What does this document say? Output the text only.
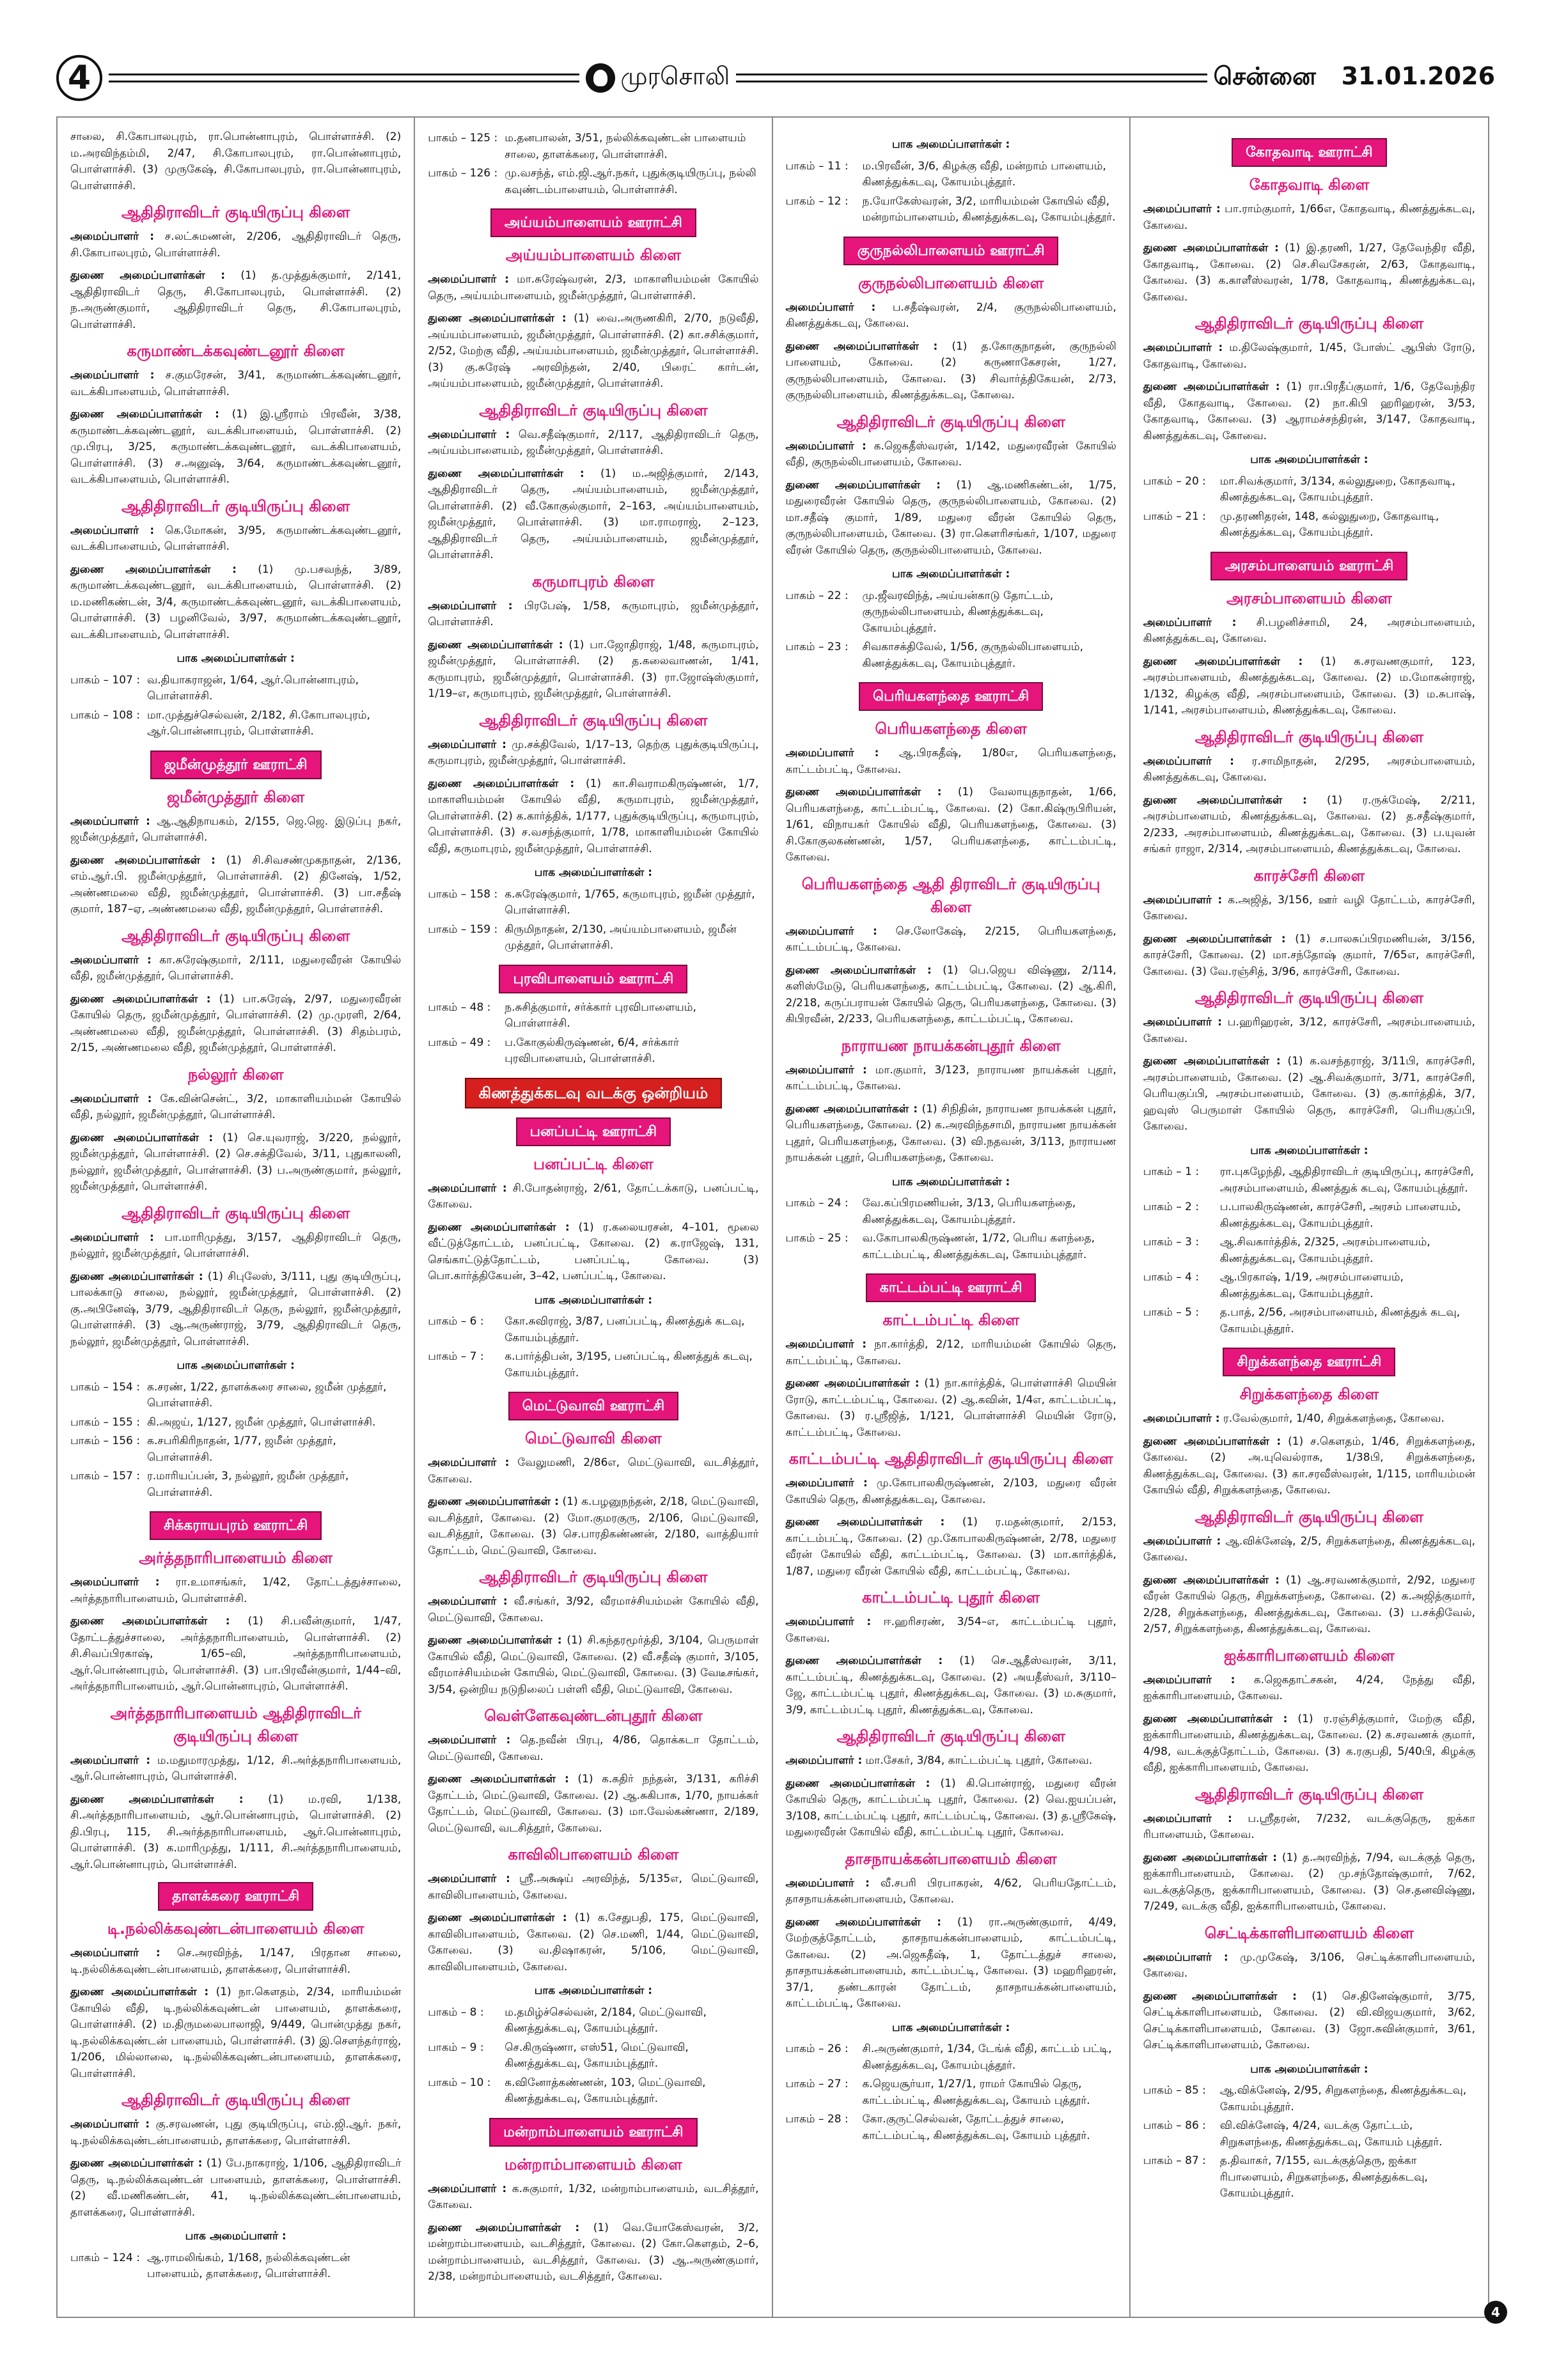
4	முரசொலி	சென்னை 31.01.2026

சாலை, சி.கோபாலபுரம், ரா.பொன்னாபுரம், பொள்ளாச்சி. (2) ம.அரவிந்தம்மி, 2/47, சி.கோபாலபுரம், ரா.பொன்னாபுரம், பொள்ளாச்சி. (3) முருகேஷ், சி.கோபாலபுரம், ரா.பொன்னாபுரம், பொள்ளாச்சி.

ஆதிதிராவிடர் குடியிருப்பு கிளை

அமைப்பாளர் : ச.லட்சுமணன், 2/206, ஆதிதிராவிடர் தெரு, சி.கோபாலபுரம், பொள்ளாச்சி.

துணை அமைப்பாளர்கள் : (1) த.முத்துக்குமார், 2/141, ஆதிதிராவிடர் தெரு, சி.கோபாலபுரம், பொள்ளாச்சி. (2) ந.அருண்குமார், ஆதிதிராவிடர் தெரு, சி.கோபாலபுரம், பொள்ளாச்சி.

கருமாண்டக்கவுண்டனூர் கிளை

அமைப்பாளர் : ச.குமரேசன், 3/41, கருமாண்டக்கவுண்டனூர், வடக்கிபாளையம், பொள்ளாச்சி.

துணை அமைப்பாளர்கள் : (1) இ.ஸ்ரீராம் பிரவீன், 3/38, கருமாண்டக்கவுண்டனூர், வடக்கிபாளையம், பொள்ளாச்சி. (2) மு.பிரபு, 3/25, கருமாண்டக்கவுண்டனூர், வடக்கிபாளையம், பொள்ளாச்சி. (3) ச.அனுஷ், 3/64, கருமாண்டக்கவுண்டனூர், வடக்கிபாளையம், பொள்ளாச்சி.

ஆதிதிராவிடர் குடியிருப்பு கிளை

அமைப்பாளர் : கெ.மோகன், 3/95, கருமாண்டக்கவுண்டனூர், வடக்கிபாளையம், பொள்ளாச்சி.

துணை அமைப்பாளர்கள் : (1) மு.பசவந்த், 3/89, கருமாண்டக்கவுண்டனூர், வடக்கிபாளையம், பொள்ளாச்சி. (2) ம.மணிகண்டன், 3/4, கருமாண்டக்கவுண்டனூர், வடக்கிபாளையம், பொள்ளாச்சி. (3) பழனிவேல், 3/97, கருமாண்டக்கவுண்டனூர், வடக்கிபாளையம், பொள்ளாச்சி.

பாக அமைப்பாளர்கள் :
பாகம் – 107 :	வ.தியாகராஜன், 1/64, ஆர்.பொன்னாபுரம், பொள்ளாச்சி.
பாகம் – 108 :	மா.முத்துச்செல்வன், 2/182, சி.கோபாலபுரம், ஆர்.பொன்னாபுரம், பொள்ளாச்சி.
ஜமீன்முத்தூர் ஊராட்சி
ஜமீன்முத்தூர் கிளை

அமைப்பாளர் : ஆ.ஆதிநாயகம், 2/155, ஜெ.ஜெ. இடுப்பு நகர், ஜமீன்முத்தூர், பொள்ளாச்சி.

துணை அமைப்பாளர்கள் : (1) சி.சிவசண்முகநாதன், 2/136, எம்.ஆர்.பி. ஜமீன்முத்தூர், பொள்ளாச்சி. (2) தினேஷ், 1/52, அண்ணமலை வீதி, ஜமீன்முத்தூர், பொள்ளாச்சி. (3) பா.சதீஷ் குமார், 187–ஏ, அண்ணமலை வீதி, ஜமீன்முத்தூர், பொள்ளாச்சி.

ஆதிதிராவிடர் குடியிருப்பு கிளை

அமைப்பாளர் : கா.சுரேஷ்குமார், 2/111, மதுரைவீரன் கோயில் வீதி, ஜமீன்முத்தூர், பொள்ளாச்சி.

துணை அமைப்பாளர்கள் : (1) பா.சுரேஷ், 2/97, மதுரைவீரன் கோயில் தெரு, ஜமீன்முத்தூர், பொள்ளாச்சி. (2) மு.முரளி, 2/64, அண்ணமலை வீதி, ஜமீன்முத்தூர், பொள்ளாச்சி. (3) சிதம்பரம், 2/15, அண்ணமலை வீதி, ஜமீன்முத்தூர், பொள்ளாச்சி.

நல்லூர் கிளை

அமைப்பாளர் : கே.வின்சென்ட், 3/2, மாகாளியம்மன் கோயில் வீதி, நல்லூர், ஜமீன்முத்தூர், பொள்ளாச்சி.

துணை அமைப்பாளர்கள் : (1) செ.யுவராஜ், 3/220, நல்லூர், ஜமீன்முத்தூர், பொள்ளாச்சி. (2) செ.சக்திவேல், 3/11, புதுகாலனி, நல்லூர், ஜமீன்முத்தூர், பொள்ளாச்சி. (3) ப.அருண்குமார், நல்லூர், ஜமீன்முத்தூர், பொள்ளாச்சி.

ஆதிதிராவிடர் குடியிருப்பு கிளை

அமைப்பாளர் : பா.மாரிமுத்து, 3/157, ஆதிதிராவிடர் தெரு, நல்லூர், ஜமீன்முத்தூர், பொள்ளாச்சி.

துணை அமைப்பாளர்கள் : (1) சிபுலேஸ், 3/111, புது குடியிருப்பு, பாலக்காடு சாலை, நல்லூர், ஜமீன்முத்தூர், பொள்ளாச்சி. (2) கு.அபினேஷ், 3/79, ஆதிதிராவிடர் தெரு, நல்லூர், ஜமீன்முத்தூர், பொள்ளாச்சி. (3) ஆ.அருண்ராஜ், 3/79, ஆதிதிராவிடர் தெரு, நல்லூர், ஜமீன்முத்தூர், பொள்ளாச்சி.

பாக அமைப்பாளர்கள் :
பாகம் – 154 :	க.சரண், 1/22, தாளக்கரை சாலை, ஜமீன் முத்தூர், பொள்ளாச்சி.
பாகம் – 155 :	கி.அஜய், 1/127, ஜமீன் முத்தூர், பொள்ளாச்சி.
பாகம் – 156 :	க.சபரிகிரிநாதன், 1/77, ஜமீன் முத்தூர், பொள்ளாச்சி.
பாகம் – 157 :	ர.மாரியப்பன், 3, நல்லூர், ஜமீன் முத்தூர், பொள்ளாச்சி.
சிக்கராயபுரம் ஊராட்சி
அர்த்தநாரிபாளையம் கிளை

அமைப்பாளர் : ரா.உமாசங்கர், 1/42, தோட்டத்துச்சாலை, அர்த்தநாரிபாளையம், பொள்ளாச்சி.

துணை அமைப்பாளர்கள் : (1) சி.பவீன்குமார், 1/47, தோட்டத்துச்சாலை, அர்த்தநாரிபாளையம், பொள்ளாச்சி. (2) சி.சிவப்பிரகாஷ், 1/65–வி, அர்த்தநாரிபாளையம், ஆர்.பொன்னாபுரம், பொள்ளாச்சி. (3) பா.பிரவீன்குமார், 1/44–வி, அர்த்தநாரிபாளையம், ஆர்.பொன்னாபுரம், பொள்ளாச்சி.

அர்த்தநாரிபாளையம் ஆதிதிராவிடர் குடியிருப்பு கிளை

அமைப்பாளர் : ம.மதுமாரமுத்து, 1/12, சி.அர்த்தநாரிபாளையம், ஆர்.பொன்னாபுரம், பொள்ளாச்சி.

துணை அமைப்பாளர்கள் : (1) ம.ரவி, 1/138, சி.அர்த்தநாரிபாளையம், ஆர்.பொன்னாபுரம், பொள்ளாச்சி. (2) தி.பிரபு, 115, சி.அர்த்தநாரிபாளையம், ஆர்.பொன்னாபுரம், பொள்ளாச்சி. (3) க.மாரிமுத்து, 1/111, சி.அர்த்தநாரிபாளையம், ஆர்.பொன்னாபுரம், பொள்ளாச்சி.

தாளக்கரை ஊராட்சி
டி.நல்லிக்கவுண்டன்பாளையம் கிளை

அமைப்பாளர் : செ.அரவிந்த், 1/147, பிரதான சாலை, டி.நல்லிக்கவுண்டன்பாளையம், தாளக்கரை, பொள்ளாச்சி.

துணை அமைப்பாளர்கள் : (1) நா.கௌதம், 2/34, மாரியம்மன் கோயில் வீதி, டி.நல்லிக்கவுண்டன் பாளையம், தாளக்கரை, பொள்ளாச்சி. (2) ம.திருமலைபாலாஜி, 9/449, பொன்முத்து நகர், டி.நல்லிக்கவுண்டன் பாளையம், பொள்ளாச்சி. (3) இ.சௌந்தர்ராஜ், 1/206, மில்லாலை, டி.நல்லிக்கவுண்டன்பாளையம், தாளக்கரை, பொள்ளாச்சி.

ஆதிதிராவிடர் குடியிருப்பு கிளை

அமைப்பாளர் : கு.சரவணன், புது குடியிருப்பு, எம்.ஜி.ஆர். நகர், டி.நல்லிக்கவுண்டன்பாளையம், தாளக்கரை, பொள்ளாச்சி.

துணை அமைப்பாளர்கள் : (1) பே.நாகராஜ், 1/106, ஆதிதிராவிடர் தெரு, டி.நல்லிக்கவுண்டன் பாளையம், தாளக்கரை, பொள்ளாச்சி. (2) வீ.மணிகண்டன், 41, டி.நல்லிக்கவுண்டன்பாளையம், தாளக்கரை, பொள்ளாச்சி.

பாக அமைப்பாளர் :
பாகம் – 124 :	ஆ.ராமலிங்கம், 1/168, நல்லிக்கவுண்டன் பாளையம், தாளக்கரை, பொள்ளாச்சி.
பாகம் – 125 :	ம.தனபாலன், 3/51, நல்லிக்கவுண்டன் பாளையம் சாலை, தாளக்கரை, பொள்ளாச்சி.
பாகம் – 126 :	மு.வசந்த், எம்.ஜி.ஆர்.நகர், புதுக்குடியிருப்பு, நல்லி கவுண்டம்பாளையம், பொள்ளாச்சி.
அய்யம்பாளையம் ஊராட்சி
அய்யம்பாளையம் கிளை

அமைப்பாளர் : மா.சுரேஷ்வரன், 2/3, மாகாளியம்மன் கோயில் தெரு, அய்யம்பாளையம், ஜமீன்முத்தூர், பொள்ளாச்சி.

துணை அமைப்பாளர்கள் : (1) வை.அருணகிரி, 2/70, நடுவீதி, அய்யம்பாளையம், ஜமீன்முத்தூர், பொள்ளாச்சி. (2) கா.சசிக்குமார், 2/52, மேற்கு வீதி, அய்யம்பாளையம், ஜமீன்முத்தூர், பொள்ளாச்சி. (3) கு.சுரேஷ் அரவிந்தன், 2/40, பிரைட் கார்டன், அய்யம்பாளையம், ஜமீன்முத்தூர், பொள்ளாச்சி.

ஆதிதிராவிடர் குடியிருப்பு கிளை

அமைப்பாளர் : வெ.சதீஷ்குமார், 2/117, ஆதிதிராவிடர் தெரு, அய்யம்பாளையம், ஜமீன்முத்தூர், பொள்ளாச்சி.

துணை அமைப்பாளர்கள் : (1) ம.அஜித்குமார், 2/143, ஆதிதிராவிடர் தெரு, அய்யம்பாளையம், ஜமீன்முத்தூர், பொள்ளாச்சி. (2) வீ.கோகுல்குமார், 2–163, அய்யம்பாளையம், ஜமீன்முத்தூர், பொள்ளாச்சி. (3) மா.ராமராஜ், 2–123, ஆதிதிராவிடர் தெரு, அய்யம்பாளையம், ஜமீன்முத்தூர், பொள்ளாச்சி.

கருமாபுரம் கிளை

அமைப்பாளர் : பிரபேஷ், 1/58, கருமாபுரம், ஜமீன்முத்தூர், பொள்ளாச்சி.

துணை அமைப்பாளர்கள் : (1) பா.ஜோதிராஜ், 1/48, கருமாபுரம், ஜமீன்முத்தூர், பொள்ளாச்சி. (2) த.கலைவாணன், 1/41, கருமாபுரம், ஜமீன்முத்தூர், பொள்ளாச்சி. (3) ரா.ஜோஷ்ஸ்குமார், 1/19–எ, கருமாபுரம், ஜமீன்முத்தூர், பொள்ளாச்சி.

ஆதிதிராவிடர் குடியிருப்பு கிளை

அமைப்பாளர் : மு.சக்திவேல், 1/17–13, தெற்கு புதுக்குடியிருப்பு, கருமாபுரம், ஜமீன்முத்தூர், பொள்ளாச்சி.

துணை அமைப்பாளர்கள் : (1) கா.சிவராமகிருஷ்ணன், 1/7, மாகாளியம்மன் கோயில் வீதி, கருமாபுரம், ஜமீன்முத்தூர், பொள்ளாச்சி. (2) க.கார்த்திக், 1/177, புதுக்குடியிருப்பு, கருமாபுரம், பொள்ளாச்சி. (3) ச.வசந்த்குமார், 1/78, மாகாளியம்மன் கோயில் வீதி, கருமாபுரம், ஜமீன்முத்தூர், பொள்ளாச்சி.

பாக அமைப்பாளர்கள் :
பாகம் – 158 :	க.சுரேஷ்குமார், 1/765, கருமாபுரம், ஜமீன் முத்தூர், பொள்ளாச்சி.
பாகம் – 159 :	கிருமிநாதன், 2/130, அய்யம்பாளையம், ஜமீன் முத்தூர், பொள்ளாச்சி.
புரவிபாளையம் ஊராட்சி
பாகம் – 48 :	ந.சுசித்குமார், சர்க்கார் புரவிபாளையம், பொள்ளாச்சி.
பாகம் – 49 :	ப.கோகுல்கிருஷ்ணன், 6/4, சர்க்கார் புரவிபாளையம், பொள்ளாச்சி.
கிணத்துக்கடவு வடக்கு ஒன்றியம்
பனப்பட்டி ஊராட்சி
பனப்பட்டி கிளை

அமைப்பாளர் : சி.போதன்ராஜ், 2/61, தோட்டக்காடு, பனப்பட்டி, கோவை.

துணை அமைப்பாளர்கள் : (1) ர.கலையரசன், 4–101, மூலை வீட்டுத்தோட்டம், பனப்பட்டி, கோவை. (2) க.ராஜேஷ், 131, செங்காட்டுத்தோட்டம், பனப்பட்டி, கோவை. (3) பொ.கார்த்திகேயன், 3–42, பனப்பட்டி, கோவை.

பாக அமைப்பாளர்கள் :
பாகம் – 6 :	கோ.சுவிராஜ், 3/87, பனப்பட்டி, கிணத்துக் கடவு, கோயம்புத்தூர்.
பாகம் – 7 :	க.பார்த்திபன், 3/195, பனப்பட்டி, கிணத்துக் கடவு, கோயம்புத்தூர்.
மெட்டுவாவி ஊராட்சி
மெட்டுவாவி கிளை

அமைப்பாளர் : வேலுமணி, 2/86எ, மெட்டுவாவி, வடசித்தூர், கோவை.

துணை அமைப்பாளர்கள் : (1) க.பழனுநந்தன், 2/18, மெட்டுவாவி, வடசித்தூர், கோவை. (2) மோ.குமரகுரு, 2/106, மெட்டுவாவி, வடசித்தூர், கோவை. (3) செ.பாரதிகண்ணன், 2/180, வாத்தியார் தோட்டம், மெட்டுவாவி, கோவை.

ஆதிதிராவிடர் குடியிருப்பு கிளை

அமைப்பாளர் : வீ.சங்கர், 3/92, வீரமாச்சியம்மன் கோயில் வீதி, மெட்டுவாவி, கோவை.

துணை அமைப்பாளர்கள் : (1) சி.கந்தரமூர்த்தி, 3/104, பெருமாள் கோயில் வீதி, மெட்டுவாவி, கோவை. (2) வீ.சதீஷ் குமார், 3/105, வீரமாச்சியம்மன் கோயில், மெட்டுவாவி, கோவை. (3) வேடீசங்கர், 3/54, ஒன்றிய நடுநிலைப் பள்ளி வீதி, மெட்டுவாவி, கோவை.

வெள்ளேகவுண்டன்புதூர் கிளை

அமைப்பாளர் : தெ.நவீன் பிரபு, 4/86, தொக்கடா தோட்டம், மெட்டுவாவி, கோவை.

துணை அமைப்பாளர்கள் : (1) க.கதிர் நந்தன், 3/131, கரிச்சி தோட்டம், மெட்டுவாவி, கோவை. (2) ஆ.சுகிபாசு, 1/70, நாயக்கர் தோட்டம், மெட்டுவாவி, கோவை. (3) மா.வேல்கண்ணா, 2/189, மெட்டுவாவி, வடசித்தூர், கோவை.

காவிலிபாளையம் கிளை

அமைப்பாளர் : ஸ்ரீ.அக்ஷய் அரவிந்த், 5/135எ, மெட்டுவாவி, காவிலிபாளையம், கோவை.

துணை அமைப்பாளர்கள் : (1) க.சேதுபதி, 175, மெட்டுவாவி, காவிலிபாளையம், கோவை. (2) செ.மணி, 1/44, மெட்டுவாவி, கோவை. (3) வ.திஷாகரன், 5/106, மெட்டுவாவி, காவிலிபாளையம், கோவை.

பாக அமைப்பாளர்கள் :
பாகம் – 8 :	ம.தமிழ்ச்செல்வன், 2/184, மெட்டுவாவி, கிணத்துக்கடவு, கோயம்புத்தூர்.
பாகம் – 9 :	செ.கிருஷ்ணா, எஸ்51, மெட்டுவாவி, கிணத்துக்கடவு, கோயம்புத்தூர்.
பாகம் – 10 :	க.வினோத்கண்ணன், 103, மெட்டுவாவி, கிணத்துக்கடவு, கோயம்புத்தூர்.
மன்றாம்பாளையம் ஊராட்சி
மன்றாம்பாளையம் கிளை

அமைப்பாளர் : க.சுகுமார், 1/32, மன்றாம்பாளையம், வடசித்தூர், கோவை.

துணை அமைப்பாளர்கள் : (1) வெ.யோகேஸ்வரன், 3/2, மன்றாம்பாளையம், வடசித்தூர், கோவை. (2) கோ.கௌதம், 2–6, மன்றாம்பாளையம், வடசித்தூர், கோவை. (3) ஆ.அருண்குமார், 2/38, மன்றாம்பாளையம், வடசித்தூர், கோவை.

பாக அமைப்பாளர்கள் :
பாகம் – 11 :	ம.பிரவீன், 3/6, கிழக்கு வீதி, மன்றாம் பாளையம், கிணத்துக்கடவு, கோயம்புத்தூர்.
பாகம் – 12 :	ந.யோகேஸ்வரன், 3/2, மாரியம்மன் கோயில் வீதி, மன்றாம்பாளையம், கிணத்துக்கடவு, கோயம்புத்தூர்.
குருநல்லிபாளையம் ஊராட்சி
குருநல்லிபாளையம் கிளை

அமைப்பாளர் : ப.சதீஷ்வரன், 2/4, குருநல்லிபாளையம், கிணத்துக்கடவு, கோவை.

துணை அமைப்பாளர்கள் : (1) த.கோகுநாதன், குருநல்லி பாளையம், கோவை. (2) கருணாகேசரன், 1/27, குருநல்லிபாளையம், கோவை. (3) சிவார்த்திகேயன், 2/73, குருநல்லிபாளையம், கிணத்துக்கடவு, கோவை.

ஆதிதிராவிடர் குடியிருப்பு கிளை

அமைப்பாளர் : க.ஜெகதீஸ்வரன், 1/142, மதுரைவீரன் கோயில் வீதி, குருநல்லிபாளையம், கோவை.

துணை அமைப்பாளர்கள் : (1) ஆ.மணிகண்டன், 1/75, மதுரைவீரன் கோயில் தெரு, குருநல்லிபாளையம், கோவை. (2) மா.சதீஷ் குமார், 1/89, மதுரை வீரன் கோயில் தெரு, குருநல்லிபாளையம், கோவை. (3) ரா.கௌரிசங்கர், 1/107, மதுரை வீரன் கோயில் தெரு, குருநல்லிபாளையம், கோவை.

பாக அமைப்பாளர்கள் :
பாகம் – 22 :	மு.ஜீவரவிந்த், அய்யன்காடு தோட்டம், குருநல்லிபாளையம், கிணத்துக்கடவு, கோயம்புத்தூர்.
பாகம் – 23 :	சிவகாசக்திவேல், 1/56, குருநல்லிபாளையம், கிணத்துக்கடவு, கோயம்புத்தூர்.
பெரியகளந்தை ஊராட்சி
பெரியகளந்தை கிளை

அமைப்பாளர் : ஆ.பிரகதீஷ், 1/80எ, பெரியகளந்தை, காட்டம்பட்டி, கோவை.

துணை அமைப்பாளர்கள் : (1) வேலாயுதநாதன், 1/66, பெரியகளந்தை, காட்டம்பட்டி, கோவை. (2) கோ.கிஷ்ருபிரியன், 1/61, விநாயகர் கோயில் வீதி, பெரியகளந்தை, கோவை. (3) சி.கோகுலகண்ணன், 1/57, பெரியகளந்தை, காட்டம்பட்டி, கோவை.

பெரியகளந்தை ஆதி திராவிடர் குடியிருப்பு கிளை

அமைப்பாளர் : செ.லோகேஷ், 2/215, பெரியகளந்தை, காட்டம்பட்டி, கோவை.

துணை அமைப்பாளர்கள் : (1) பெ.ஜெய விஷ்ணு, 2/114, களிஸ்மேடு, பெரியகளந்தை, காட்டம்பட்டி, கோவை. (2) ஆ.கிரி, 2/218, கருப்பராயன் கோயில் தெரு, பெரியகளந்தை, கோவை. (3) கிபிரவீன், 2/233, பெரியகளந்தை, காட்டம்பட்டி, கோவை.

நாராயண நாயக்கன்புதூர் கிளை

அமைப்பாளர் : மா.குமார், 3/123, நாராயண நாயக்கன் புதூர், காட்டம்பட்டி, கோவை.

துணை அமைப்பாளர்கள் : (1) சிநிதின், நாராயண நாயக்கன் புதூர், பெரியகளந்தை, கோவை. (2) க.அரவிந்தசாமி, நாராயண நாயக்கன் புதூர், பெரியகளந்தை, கோவை. (3) வி.நதவன், 3/113, நாராயண நாயக்கன் புதூர், பெரியகளந்தை, கோவை.

பாக அமைப்பாளர்கள் :
பாகம் – 24 :	வே.கப்பிரமணியன், 3/13, பெரியகளந்தை, கிணத்துக்கடவு, கோயம்புத்தூர்.
பாகம் – 25 :	வ.கோபாலகிருஷ்ணன், 1/72, பெரிய களந்தை, காட்டம்பட்டி, கிணத்துக்கடவு, கோயம்புத்தூர்.
காட்டம்பட்டி ஊராட்சி
காட்டம்பட்டி கிளை

அமைப்பாளர் : நா.கார்த்தி, 2/12, மாரியம்மன் கோயில் தெரு, காட்டம்பட்டி, கோவை.

துணை அமைப்பாளர்கள் : (1) நா.கார்த்திக், பொள்ளாச்சி மெயின் ரோடு, காட்டம்பட்டி, கோவை. (2) ஆ.கவின், 1/4எ, காட்டம்பட்டி, கோவை. (3) ர.ஸ்ரீஜித், 1/121, பொள்ளாச்சி மெயின் ரோடு, காட்டம்பட்டி, கோவை.

காட்டம்பட்டி ஆதிதிராவிடர் குடியிருப்பு கிளை

அமைப்பாளர் : மு.கோபாலகிருஷ்ணன், 2/103, மதுரை வீரன் கோயில் தெரு, கிணத்துக்கடவு, கோவை.

துணை அமைப்பாளர்கள் : (1) ர.மதன்குமார், 2/153, காட்டம்பட்டி, கோவை. (2) மு.கோபாலகிருஷ்ணன், 2/78, மதுரை வீரன் கோயில் வீதி, காட்டம்பட்டி, கோவை. (3) மா.கார்த்திக், 1/87, மதுரை வீரன் கோயில் வீதி, காட்டம்பட்டி, கோவை.

காட்டம்பட்டி புதூர் கிளை

அமைப்பாளர் : ஈ.ஹரிசரண், 3/54–எ, காட்டம்பட்டி புதூர், கோவை.

துணை அமைப்பாளர்கள் : (1) செ.ஆதீஸ்வரன், 3/11, காட்டம்பட்டி, கிணத்துக்கடவு, கோவை. (2) அயதீஸ்வர், 3/110–ஜே, காட்டம்பட்டி புதூர், கிணத்துக்கடவு, கோவை. (3) ம.சுகுமார், 3/9, காட்டம்பட்டி புதூர், கிணத்துக்கடவு, கோவை.

ஆதிதிராவிடர் குடியிருப்பு கிளை

அமைப்பாளர் : மா.சேகர், 3/84, காட்டம்பட்டி புதூர், கோவை.

துணை அமைப்பாளர்கள் : (1) கி.பொன்ராஜ், மதுரை வீரன் கோயில் தெரு, காட்டம்பட்டி புதூர், கோவை. (2) வெ.ஐயப்பன், 3/108, காட்டம்பட்டி புதூர், காட்டம்பட்டி, கோவை. (3) த.ஸ்ரீகேஷ், மதுரைவீரன் கோயில் வீதி, காட்டம்பட்டி புதூர், கோவை.

தாசநாயக்கன்பாளையம் கிளை

அமைப்பாளர் : வீ.சபரி பிரபாகரன், 4/62, பெரியதோட்டம், தாசநாயக்கன்பாளையம், கோவை.

துணை அமைப்பாளர்கள் : (1) ரா.அருண்குமார், 4/49, மேற்குத்தோட்டம், தாசநாயக்கன்பாளையம், காட்டம்பட்டி, கோவை. (2) அ.ஜெகதீஷ், 1, தோட்டத்துச் சாலை, தாசநாயக்கன்பாளையம், காட்டம்பட்டி, கோவை. (3) மஹரிஹரன், 37/1, தண்டகாரன் தோட்டம், தாசநாயக்கன்பாளையம், காட்டம்பட்டி, கோவை.

பாக அமைப்பாளர்கள் :
பாகம் – 26 :	சி.அருண்குமார், 1/34, டேங்க் வீதி, காட்டம் பட்டி, கிணத்துக்கடவு, கோயம்புத்தூர்.
பாகம் – 27 :	க.ஜெயசூர்யா, 1/27/1, ராமர் கோயில் தெரு, காட்டம்பட்டி, கிணத்துக்கடவு, கோயம் புத்தூர்.
பாகம் – 28 :	கோ.குருட்செல்வன், தோட்டத்துச் சாலை, காட்டம்பட்டி, கிணத்துக்கடவு, கோயம் புத்தூர்.
கோதவாடி ஊராட்சி
கோதவாடி கிளை

அமைப்பாளர் : பா.ராம்குமார், 1/66எ, கோதவாடி, கிணத்துக்கடவு, கோவை.

துணை அமைப்பாளர்கள் : (1) இ.தரணி, 1/27, தேவேந்திர வீதி, கோதவாடி, கோவை. (2) செ.சிவசேகரன், 2/63, கோதவாடி, கோவை. (3) க.காளீஸ்வரன், 1/78, கோதவாடி, கிணத்துக்கடவு, கோவை.

ஆதிதிராவிடர் குடியிருப்பு கிளை

அமைப்பாளர் : ம.திலேஷ்குமார், 1/45, போஸ்ட் ஆபிஸ் ரோடு, கோதவாடி, கோவை.

துணை அமைப்பாளர்கள் : (1) ரா.பிரதீப்குமார், 1/6, தேவேந்திர வீதி, கோதவாடி, கோவை. (2) நா.கிபி ஹரிஹரன், 3/53, கோதவாடி, கோவை. (3) ஆராமச்சந்திரன், 3/147, கோதவாடி, கிணத்துக்கடவு, கோவை.

பாக அமைப்பாளர்கள் :
பாகம் – 20 :	மா.சிவக்குமார், 3/134, கல்லுதுறை, கோதவாடி, கிணத்துக்கடவு, கோயம்புத்தூர்.
பாகம் – 21 :	மு.தரணிதரன், 148, கல்லுதுறை, கோதவாடி, கிணத்துக்கடவு, கோயம்புத்தூர்.
அரசம்பாளையம் ஊராட்சி
அரசம்பாளையம் கிளை

அமைப்பாளர் : சி.பழனிச்சாமி, 24, அரசம்பாளையம், கிணத்துக்கடவு, கோவை.

துணை அமைப்பாளர்கள் : (1) க.சரவணகுமார், 123, அரசம்பாளையம், கிணத்துக்கடவு, கோவை. (2) ம.மோகன்ராஜ், 1/132, கிழக்கு வீதி, அரசம்பாளையம், கோவை. (3) ம.சுபாஷ், 1/141, அரசம்பாளையம், கிணத்துக்கடவு, கோவை.

ஆதிதிராவிடர் குடியிருப்பு கிளை

அமைப்பாளர் : ர.சாமிநாதன், 2/295, அரசம்பாளையம், கிணத்துக்கடவு, கோவை.

துணை அமைப்பாளர்கள் : (1) ர.ருக்மேஷ், 2/211, அரசம்பாளையம், கிணத்துக்கடவு, கோவை. (2) த.சதீஷ்குமார், 2/233, அரசம்பாளையம், கிணத்துக்கடவு, கோவை. (3) ப.யுவன் சங்கர் ராஜா, 2/314, அரசம்பாளையம், கிணத்துக்கடவு, கோவை.

காரச்சேரி கிளை

அமைப்பாளர் : க.அஜித், 3/156, ஊர் வழி தோட்டம், காரச்சேரி, கோவை.

துணை அமைப்பாளர்கள் : (1) ச.பாலசுப்பிரமணியன், 3/156, காரச்சேரி, கோவை. (2) மா.சந்தோஷ் குமார், 7/65எ, காரச்சேரி, கோவை. (3) வே.ரஞ்சித், 3/96, காரச்சேரி, கோவை.

ஆதிதிராவிடர் குடியிருப்பு கிளை

அமைப்பாளர் : ப.ஹரிஹரன், 3/12, காரச்சேரி, அரசம்பாளையம், கோவை.

துணை அமைப்பாளர்கள் : (1) க.வசந்தராஜ், 3/11பி, காரச்சேரி, அரசம்பாளையம், கோவை. (2) ஆ.சிவக்குமார், 3/71, காரச்சேரி, பெரியகுப்பி, அரசம்பாளையம், கோவை. (3) கு.கார்த்திக், 3/7, ஹவுஸ் பெருமாள் கோயில் தெரு, காரச்சேரி, பெரியகுப்பி, கோவை.

பாக அமைப்பாளர்கள் :
பாகம் – 1 :	ரா.புகழேந்தி, ஆதிதிராவிடர் குடியிருப்பு, காரச்சேரி, அரசம்பாளையம், கிணத்துக் கடவு, கோயம்புத்தூர்.
பாகம் – 2 :	ப.பாலகிருஷ்ணன், காரச்சேரி, அரசம் பாளையம், கிணத்துக்கடவு, கோயம்புத்தூர்.
பாகம் – 3 :	ஆ.சிவகார்த்திக், 2/325, அரசம்பாளையம், கிணத்துக்கடவு, கோயம்புத்தூர்.
பாகம் – 4 :	ஆ.பிரகாஷ், 1/19, அரசம்பாளையம், கிணத்துக்கடவு, கோயம்புத்தூர்.
பாகம் – 5 :	த.பாத், 2/56, அரசம்பாளையம், கிணத்துக் கடவு, கோயம்புத்தூர்.
சிறுக்களந்தை ஊராட்சி
சிறுக்களந்தை கிளை

அமைப்பாளர் : ர.வேல்குமார், 1/40, சிறுக்களந்தை, கோவை.

துணை அமைப்பாளர்கள் : (1) ச.கௌதம், 1/46, சிறுக்களந்தை, கோவை. (2) அ.யுவெல்ராசு, 1/38பி, சிறுக்களந்தை, கிணத்துக்கடவு, கோவை. (3) கா.சரவீஸ்வரன், 1/115, மாரியம்மன் கோயில் வீதி, சிறுக்களந்தை, கோவை.

ஆதிதிராவிடர் குடியிருப்பு கிளை

அமைப்பாளர் : ஆ.விக்னேஷ், 2/5, சிறுக்களந்தை, கிணத்துக்கடவு, கோவை.

துணை அமைப்பாளர்கள் : (1) ஆ.சரவணக்குமார், 2/92, மதுரை வீரன் கோயில் தெரு, சிறுக்களந்தை, கோவை. (2) க.அஜித்குமார், 2/28, சிறுக்களந்தை, கிணத்துக்கடவு, கோவை. (3) ப.சக்திவேல், 2/57, சிறுக்களந்தை, கிணத்துக்கடவு, கோவை.

ஐக்காரிபாளையம் கிளை

அமைப்பாளர் : க.ஜெகதாட்சகன், 4/24, நேத்து வீதி, ஐக்காரிபாளையம், கோவை.

துணை அமைப்பாளர்கள் : (1) ர.ரஞ்சித்குமார், மேற்கு வீதி, ஐக்காரிபாளையம், கிணத்துக்கடவு, கோவை. (2) க.சரவணக் குமார், 4/98, வடக்குத்தோட்டம், கோவை. (3) க.ரகுபதி, 5/40பி, கிழக்கு வீதி, ஐக்காரிபாளையம், கோவை.

ஆதிதிராவிடர் குடியிருப்பு கிளை

அமைப்பாளர் : ப.ஸ்ரீதரன், 7/232, வடக்குதெரு, ஐக்கா ரிபாளையம், கோவை.

துணை அமைப்பாளர்கள் : (1) த.அரவிந்த், 7/94, வடக்குத் தெரு, ஐக்காரிபாளையம், கோவை. (2) மு.சந்தோஷ்குமார், 7/62, வடக்குத்தெரு, ஐக்காரிபாளையம், கோவை. (3) செ.தனவிஷ்ணு, 7/249, வடக்கு வீதி, ஐக்காரிபாளையம், கோவை.

செட்டிக்காளிபாளையம் கிளை

அமைப்பாளர் : மு.முகேஷ், 3/106, செட்டிக்காளிபாளையம், கோவை.

துணை அமைப்பாளர்கள் : (1) செ.தினேஷ்குமார், 3/75, செட்டிக்காளிபாளையம், கோவை. (2) வி.விஜயகுமார், 3/62, செட்டிக்காளிபாளையம், கோவை. (3) ஜோ.சுவின்குமார், 3/61, செட்டிக்காளிபாளையம், கோவை.

பாக அமைப்பாளர்கள் :
பாகம் – 85 :	ஆ.விக்னேஷ், 2/95, சிறுகளந்தை, கிணத்துக்கடவு, கோயம்புத்தூர்.
பாகம் – 86 :	வி.விக்னேஷ், 4/24, வடக்கு தோட்டம், சிறுகளந்தை, கிணத்துக்கடவு, கோயம் புத்தூர்.
பாகம் – 87 :	த.திவாகர், 7/155, வடக்குத்தெரு, ஐக்கா ரிபாளையம், சிறுகளந்தை, கிணத்துக்கடவு, கோயம்புத்தூர்.
4
